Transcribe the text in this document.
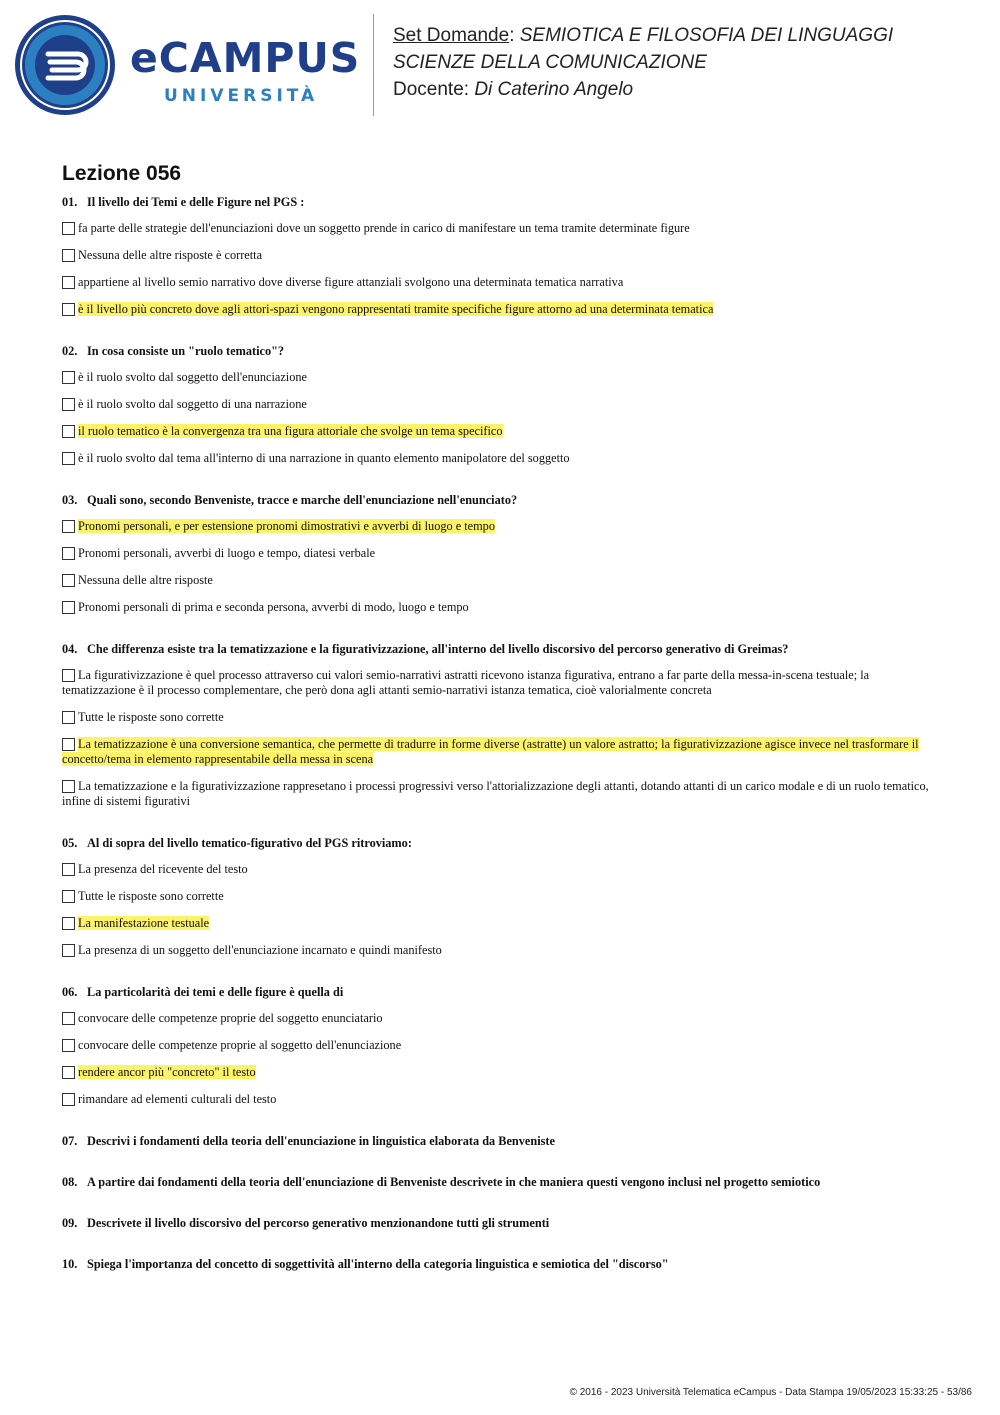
eCAMPUS
UNIVERSITÀ
Set Domande: SEMIOTICA E FILOSOFIA DEI LINGUAGGI
SCIENZE DELLA COMUNICAZIONE
Docente: Di Caterino Angelo
Lezione 056
01. Il livello dei Temi e delle Figure nel PGS :
fa parte delle strategie dell'enunciazioni dove un soggetto prende in carico di manifestare un tema tramite determinate figure
Nessuna delle altre risposte è corretta
appartiene al livello semio narrativo dove diverse figure attanziali svolgono una determinata tematica narrativa
è il livello più concreto dove agli attori-spazi vengono rappresentati tramite specifiche figure attorno ad una determinata tematica
02. In cosa consiste un "ruolo tematico"?
è il ruolo svolto dal soggetto dell'enunciazione
è il ruolo svolto dal soggetto di una narrazione
il ruolo tematico è la convergenza tra una figura attoriale che svolge un tema specifico
è il ruolo svolto dal tema all'interno di una narrazione in quanto elemento manipolatore del soggetto
03. Quali sono, secondo Benveniste, tracce e marche dell'enunciazione nell'enunciato?
Pronomi personali, e per estensione pronomi dimostrativi e avverbi di luogo e tempo
Pronomi personali, avverbi di luogo e tempo, diatesi verbale
Nessuna delle altre risposte
Pronomi personali di prima e seconda persona, avverbi di modo, luogo e tempo
04. Che differenza esiste tra la tematizzazione e la figurativizzazione, all'interno del livello discorsivo del percorso generativo di Greimas?
La figurativizzazione è quel processo attraverso cui valori semio-narrativi astratti ricevono istanza figurativa, entrano a far parte della messa-in-scena testuale; la tematizzazione è il processo complementare, che però dona agli attanti semio-narrativi istanza tematica, cioè valorialmente concreta
Tutte le risposte sono corrette
La tematizzazione è una conversione semantica, che permette di tradurre in forme diverse (astratte) un valore astratto; la figurativizzazione agisce invece nel trasformare il concetto/tema in elemento rappresentabile della messa in scena
La tematizzazione e la figurativizzazione rappresetano i processi progressivi verso l'attorializzazione degli attanti, dotando attanti di un carico modale e di un ruolo tematico, infine di sistemi figurativi
05. Al di sopra del livello tematico-figurativo del PGS ritroviamo:
La presenza del ricevente del testo
Tutte le risposte sono corrette
La manifestazione testuale
La presenza di un soggetto dell'enunciazione incarnato e quindi manifesto
06. La particolarità dei temi e delle figure è quella di
convocare delle competenze proprie del soggetto enunciatario
convocare delle competenze proprie al soggetto dell'enunciazione
rendere ancor più "concreto" il testo
rimandare ad elementi culturali del testo
07. Descrivi i fondamenti della teoria dell'enunciazione in linguistica elaborata da Benveniste
08. A partire dai fondamenti della teoria dell'enunciazione di Benveniste descrivete in che maniera questi vengono inclusi nel progetto semiotico
09. Descrivete il livello discorsivo del percorso generativo menzionandone tutti gli strumenti
10. Spiega l'importanza del concetto di soggettività all'interno della categoria linguistica e semiotica del "discorso"
© 2016 - 2023 Università Telematica eCampus - Data Stampa 19/05/2023 15:33:25 - 53/86
